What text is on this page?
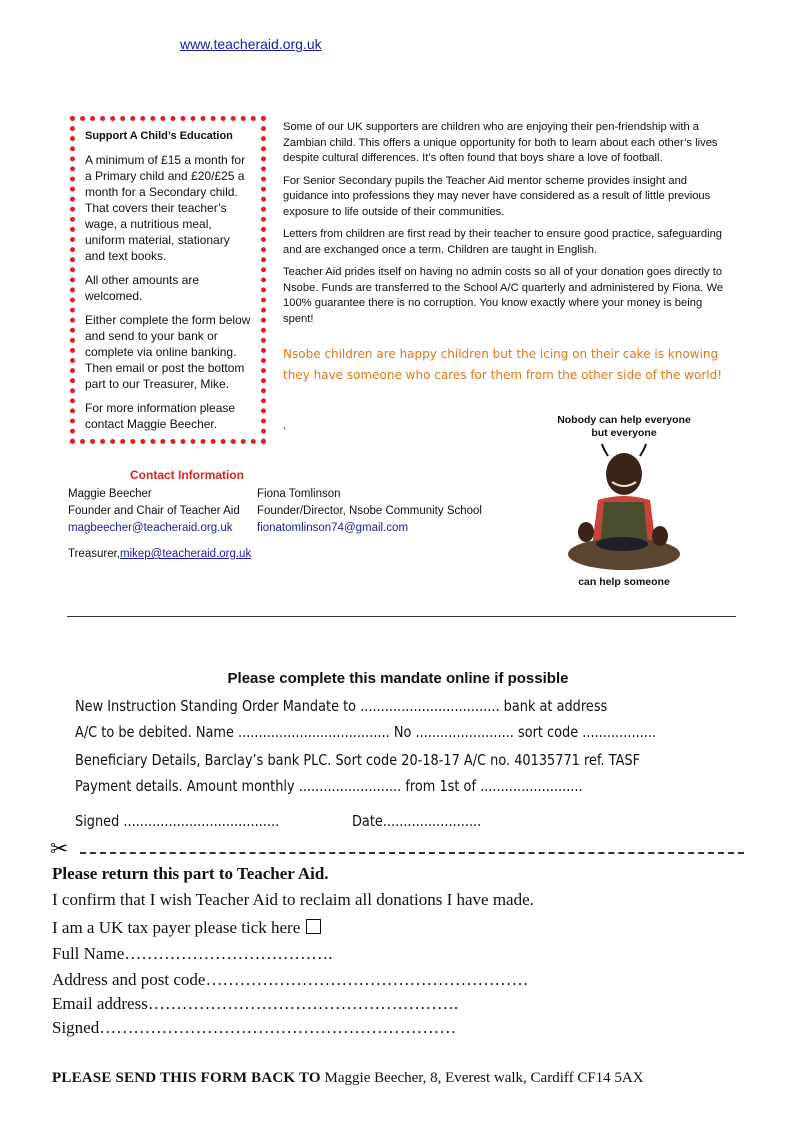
www.teacheraid.org.uk
Support A Child’s Education

A minimum of £15 a month for a Primary child and £20/£25 a month for a Secondary child. That covers their teacher’s wage, a nutritious meal, uniform material, stationary and text books.

All other amounts are welcomed.

Either complete the form below and send to your bank or complete via online banking. Then email or post the bottom part to our Treasurer, Mike.

For more information please contact Maggie Beecher.

Some of our UK supporters are children who are enjoying their pen-friendship with a Zambian child. This offers a unique opportunity for both to learn about each other’s lives despite cultural differences. It’s often found that boys share a love of football.

For Senior Secondary pupils the Teacher Aid mentor scheme provides insight and guidance into professions they may never have considered as a result of little previous exposure to life outside of their communities.

Letters from children are first read by their teacher to ensure good practice, safeguarding and are exchanged once a term. Children are taught in English.

Teacher Aid prides itself on having no admin costs so all of your donation goes directly to Nsobe. Funds are transferred to the School A/C quarterly and administered by Fiona. We 100% guarantee there is no corruption. You know exactly where your money is being spent!

Nsobe children are happy children but the icing on their cake is knowing they have someone who cares for them from the other side of the world!
.	Nobody can help everyone but everyone
can help someone
Contact Information
Maggie Beecher
Founder and Chair of Teacher Aid
magbeecher@teacheraid.org.uk
Fiona Tomlinson
Founder/Director, Nsobe Community School
fionatomlinson74@gmail.com
Treasurer,mikep@teacheraid.org.uk
Please complete this mandate online if possible
New Instruction Standing Order Mandate to .................................. bank at address
A/C to be debited. Name ..................................... No ........................ sort code ..................
Beneficiary Details, Barclay’s bank PLC. Sort code 20-18-17 A/C no. 40135771 ref. TASF
Payment details. Amount monthly ......................... from 1st of .........................
Signed ......................................	Date........................
✂
Please return this part to Teacher Aid.
I confirm that I wish Teacher Aid to reclaim all donations I have made.
I am a UK tax payer please tick here
Full Name……………………………….
Address and post code…………………………………………………
Email address……………………………………………….
Signed………………………………………………………
PLEASE SEND THIS FORM BACK TO Maggie Beecher, 8, Everest walk, Cardiff CF14 5AX
